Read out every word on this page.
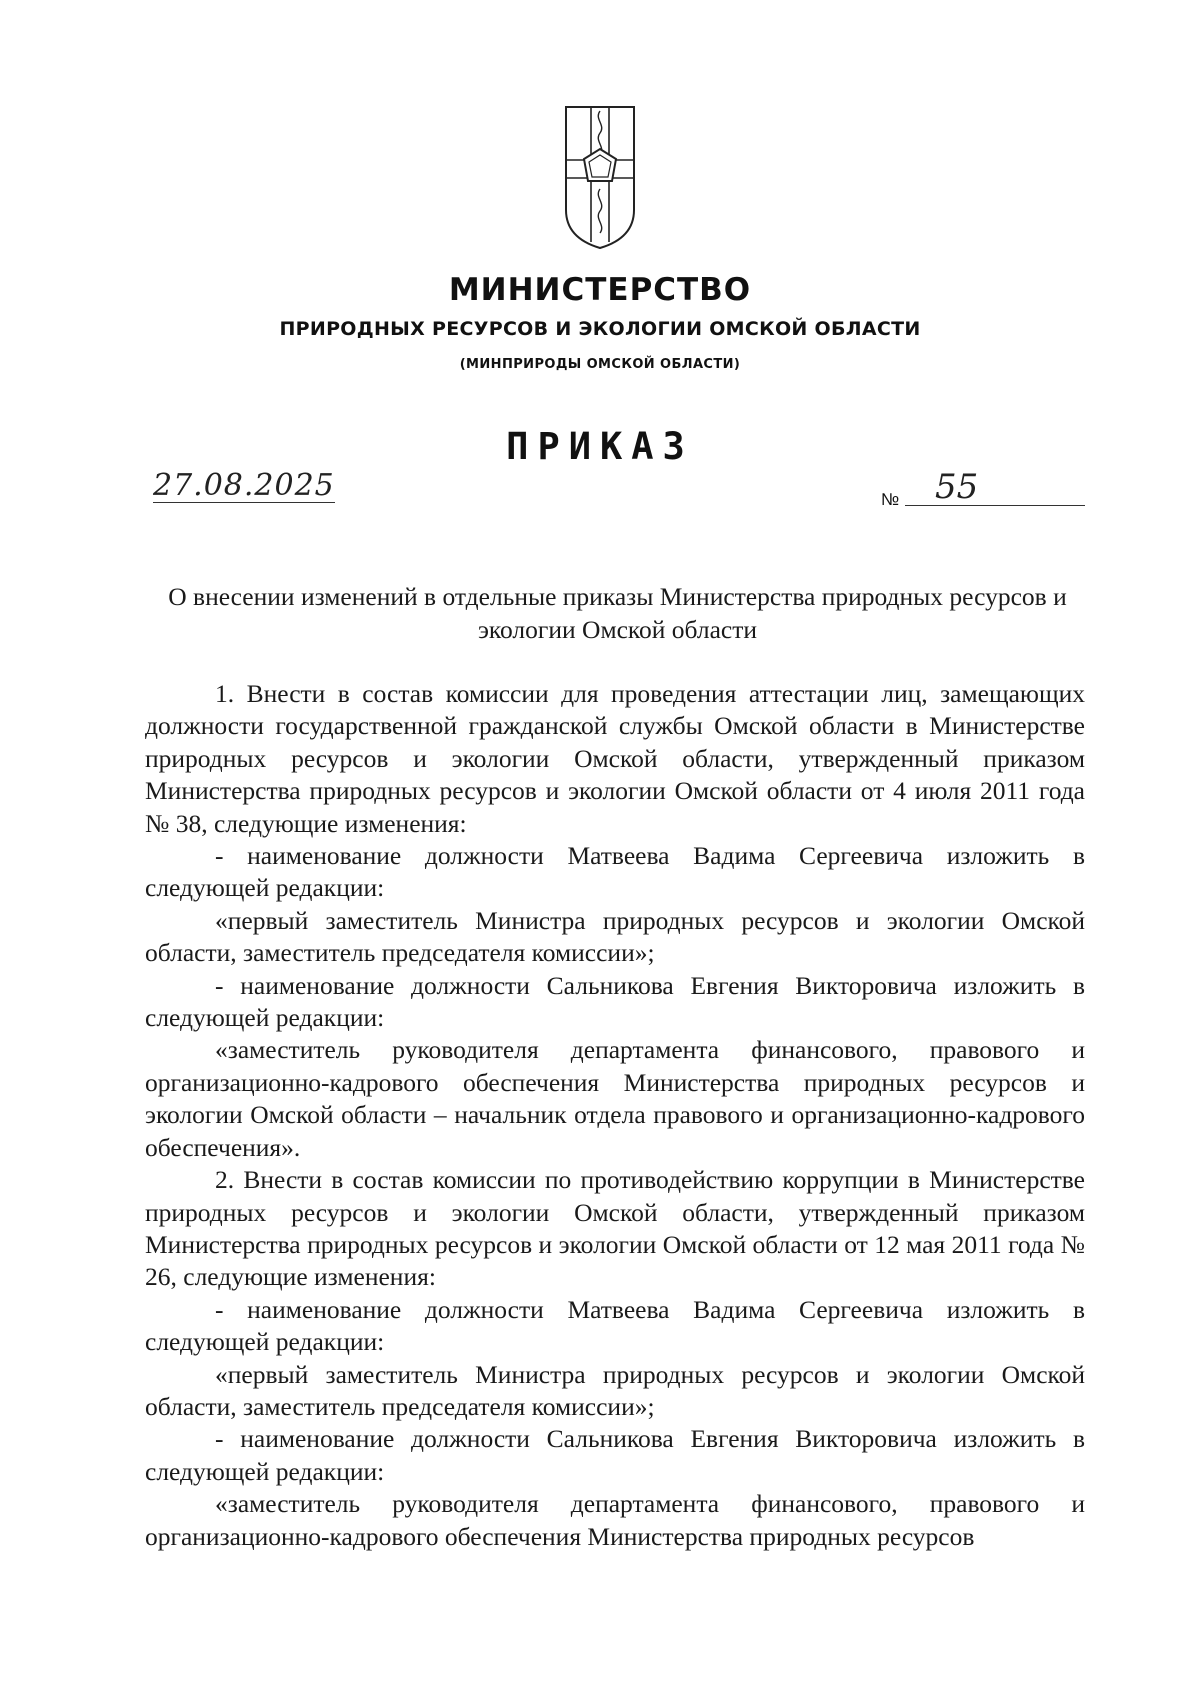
МИНИСТЕРСТВО
ПРИРОДНЫХ РЕСУРСОВ И ЭКОЛОГИИ ОМСКОЙ ОБЛАСТИ
(МИНПРИРОДЫ ОМСКОЙ ОБЛАСТИ)
ПРИКАЗ
27.08.2025	№ 55
О внесении изменений в отдельные приказы Министерства природных ресурсов и экологии Омской области

1. Внести в состав комиссии для проведения аттестации лиц, замещающих должности государственной гражданской службы Омской области в Министерстве природных ресурсов и экологии Омской области, утвержденный приказом Министерства природных ресурсов и экологии Омской области от 4 июля 2011 года № 38, следующие изменения:

- наименование должности Матвеева Вадима Сергеевича изложить в следующей редакции:

«первый заместитель Министра природных ресурсов и экологии Омской области, заместитель председателя комиссии»;

- наименование должности Сальникова Евгения Викторовича изложить в следующей редакции:

«заместитель руководителя департамента финансового, правового и организационно-кадрового обеспечения Министерства природных ресурсов и экологии Омской области – начальник отдела правового и организационно-кадрового обеспечения».

2. Внести в состав комиссии по противодействию коррупции в Министерстве природных ресурсов и экологии Омской области, утвержденный приказом Министерства природных ресурсов и экологии Омской области от 12 мая 2011 года № 26, следующие изменения:

- наименование должности Матвеева Вадима Сергеевича изложить в следующей редакции:

«первый заместитель Министра природных ресурсов и экологии Омской области, заместитель председателя комиссии»;

- наименование должности Сальникова Евгения Викторовича изложить в следующей редакции:

«заместитель руководителя департамента финансового, правового и организационно-кадрового обеспечения Министерства природных ресурсов
